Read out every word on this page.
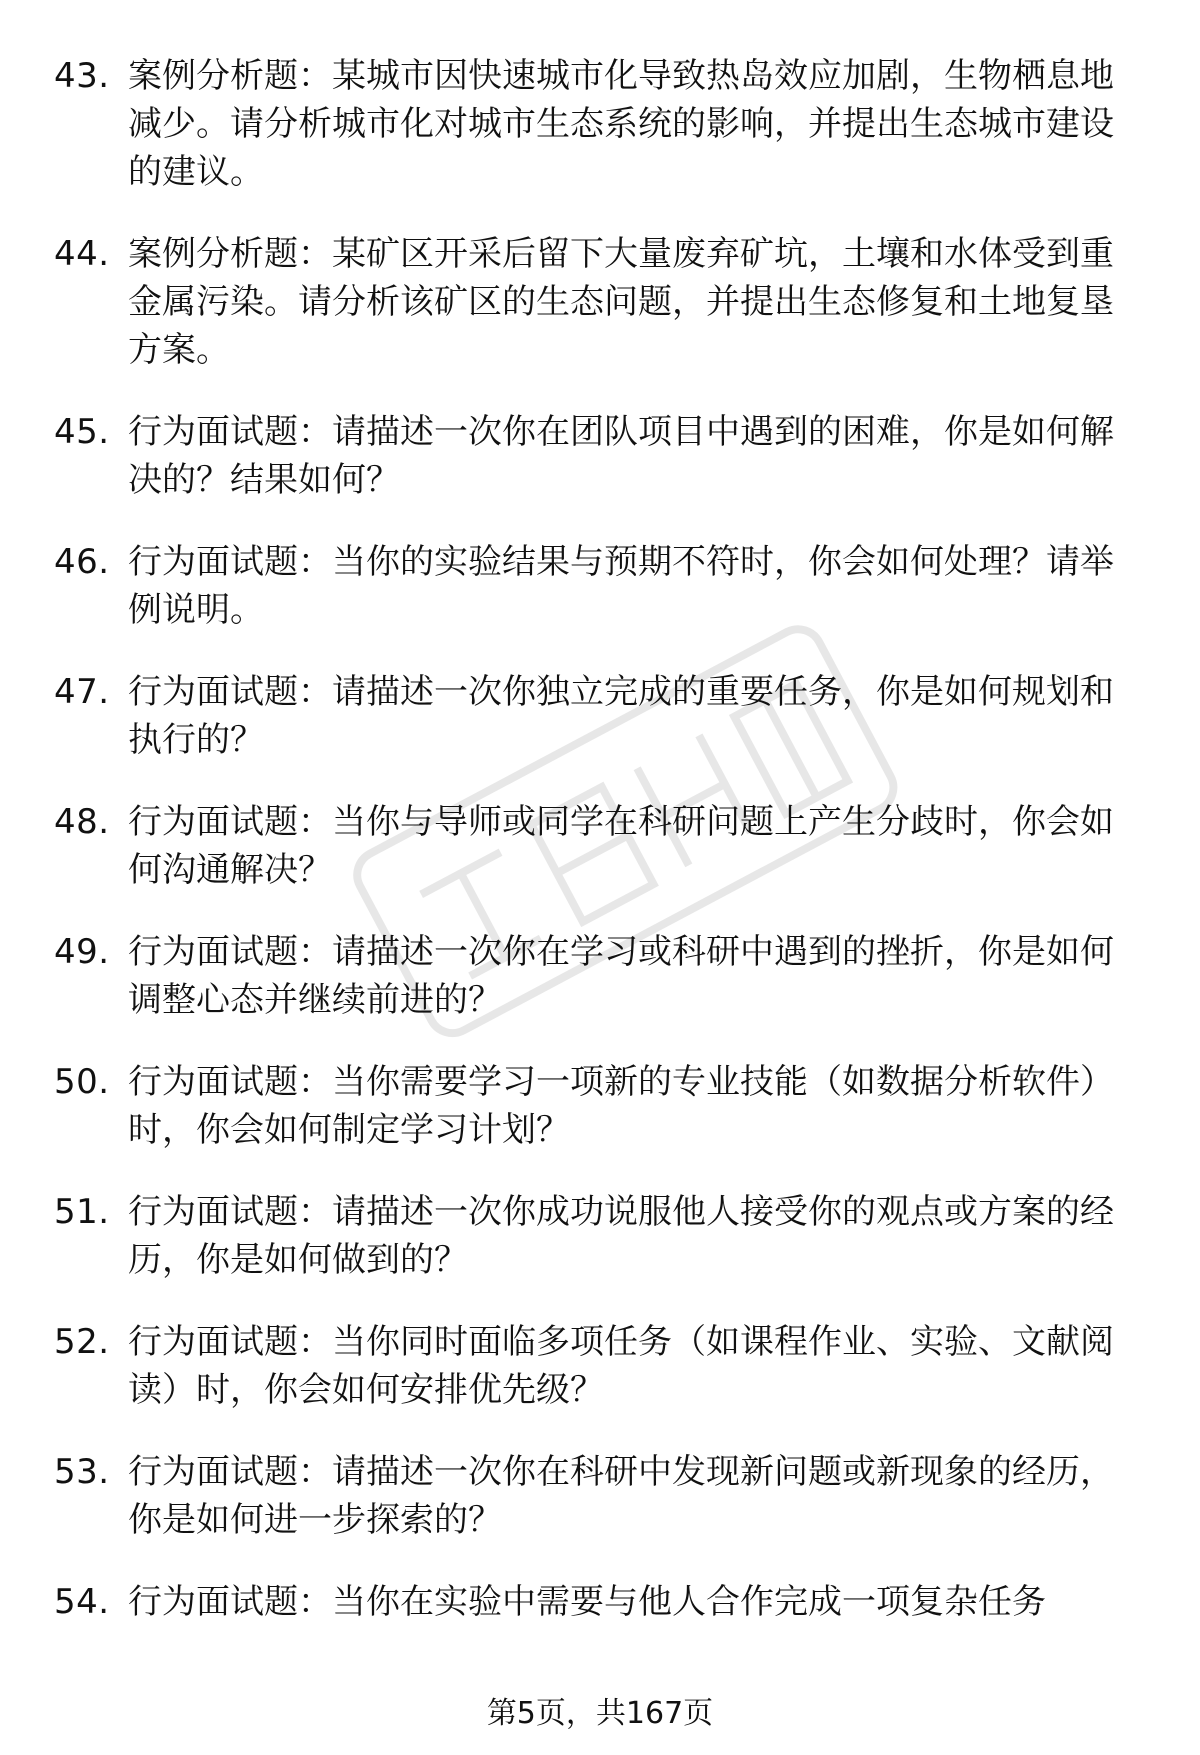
43. 案例分析题：某城市因快速城市化导致热岛效应加剧，生物栖息地减少。请分析城市化对城市生态系统的影响，并提出生态城市建设的建议。
44. 案例分析题：某矿区开采后留下大量废弃矿坑，土壤和水体受到重金属污染。请分析该矿区的生态问题，并提出生态修复和土地复垦方案。
45. 行为面试题：请描述一次你在团队项目中遇到的困难，你是如何解决的？结果如何？
46. 行为面试题：当你的实验结果与预期不符时，你会如何处理？请举例说明。
47. 行为面试题：请描述一次你独立完成的重要任务，你是如何规划和执行的？
48. 行为面试题：当你与导师或同学在科研问题上产生分歧时，你会如何沟通解决？
49. 行为面试题：请描述一次你在学习或科研中遇到的挫折，你是如何调整心态并继续前进的？
50. 行为面试题：当你需要学习一项新的专业技能（如数据分析软件）时，你会如何制定学习计划？
51. 行为面试题：请描述一次你成功说服他人接受你的观点或方案的经历，你是如何做到的？
52. 行为面试题：当你同时面临多项任务（如课程作业、实验、文献阅读）时，你会如何安排优先级？
53. 行为面试题：请描述一次你在科研中发现新问题或新现象的经历，你是如何进一步探索的？
54. 行为面试题：当你在实验中需要与他人合作完成一项复杂任务
第5页，共167页
